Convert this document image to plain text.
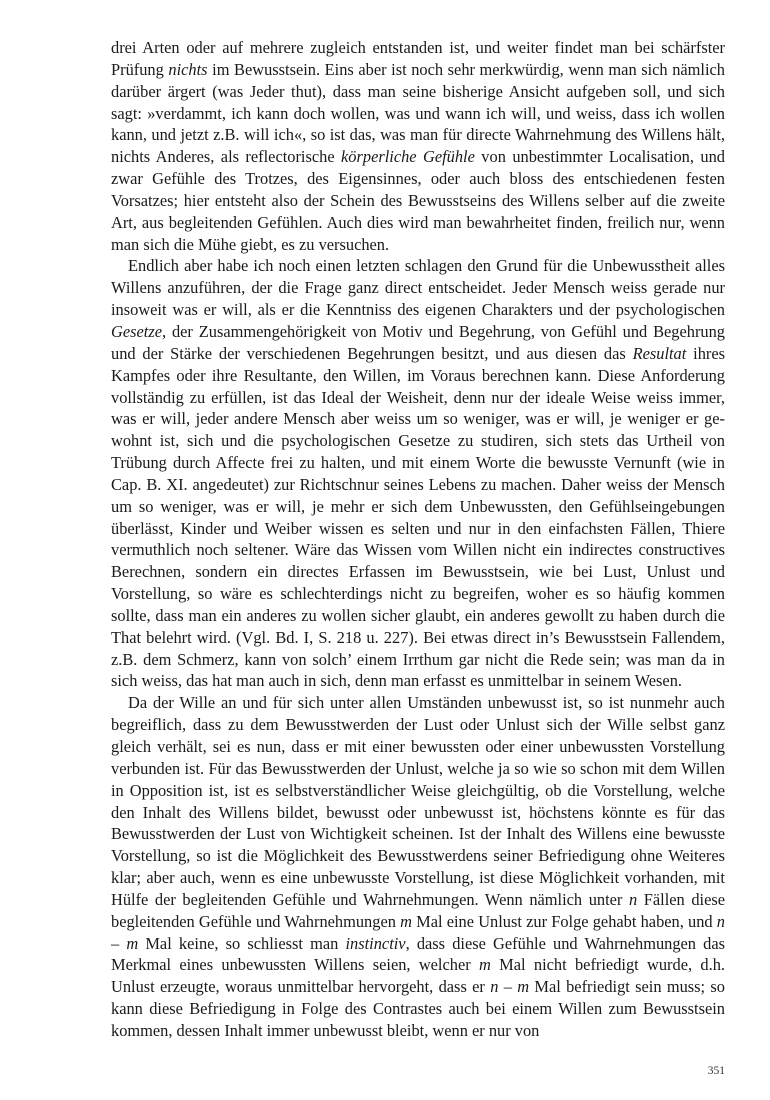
drei Arten oder auf mehrere zugleich entstanden ist, und weiter findet man bei schärfster Prüfung nichts im Bewusstsein. Eins aber ist noch sehr merkwürdig, wenn man sich nämlich darüber ärgert (was Jeder thut), dass man seine bisherige Ansicht aufgeben soll, und sich sagt: »verdammt, ich kann doch wollen, was und wann ich will, und weiss, dass ich wollen kann, und jetzt z.B. will ich«, so ist das, was man für directe Wahrnehmung des Willens hält, nichts Anderes, als reflectorische körperliche Gefühle von unbestimmter Localisation, und zwar Gefühle des Trotzes, des Eigensinnes, oder auch bloss des entschiedenen festen Vorsatzes; hier entsteht also der Schein des Bewusstseins des Willens selber auf die zweite Art, aus begleitenden Gefühlen. Auch dies wird man bewahrheitet finden, freilich nur, wenn man sich die Mühe giebt, es zu versuchen.

Endlich aber habe ich noch einen letzten schlagen den Grund für die Unbewusstheit alles Willens anzuführen, der die Frage ganz direct entscheidet. Jeder Mensch weiss gerade nur insoweit was er will, als er die Kenntniss des eigenen Charakters und der psychologischen Gesetze, der Zusammengehörigkeit von Motiv und Begehrung, von Gefühl und Begehrung und der Stärke der verschiedenen Begehrungen besitzt, und aus diesen das Resultat ihres Kampfes oder ihre Resultante, den Willen, im Voraus berechnen kann. Diese Anforderung vollständig zu erfüllen, ist das Ideal der Weisheit, denn nur der ideale Weise weiss immer, was er will, jeder andere Mensch aber weiss um so weniger, was er will, je weniger er gewohnt ist, sich und die psychologischen Gesetze zu studiren, sich stets das Urtheil von Trübung durch Affecte frei zu halten, und mit einem Worte die bewusste Vernunft (wie in Cap. B. XI. angedeutet) zur Richtschnur seines Lebens zu machen. Daher weiss der Mensch um so weniger, was er will, je mehr er sich dem Unbewussten, den Gefühlseingebungen überlässt, Kinder und Weiber wissen es selten und nur in den einfachsten Fällen, Thiere vermuthlich noch seltener. Wäre das Wissen vom Willen nicht ein indirectes constructives Berechnen, sondern ein directes Erfassen im Bewusstsein, wie bei Lust, Unlust und Vorstellung, so wäre es schlechterdings nicht zu begreifen, woher es so häufig kommen sollte, dass man ein anderes zu wollen sicher glaubt, ein anderes gewollt zu haben durch die That belehrt wird. (Vgl. Bd. I, S. 218 u. 227). Bei etwas direct in’s Bewusstsein Fallendem, z.B. dem Schmerz, kann von solch’ einem Irrthum gar nicht die Rede sein; was man da in sich weiss, das hat man auch in sich, denn man erfasst es unmittelbar in seinem Wesen.

Da der Wille an und für sich unter allen Umständen unbewusst ist, so ist nunmehr auch begreiflich, dass zu dem Bewusstwerden der Lust oder Unlust sich der Wille selbst ganz gleich verhält, sei es nun, dass er mit einer bewussten oder einer unbewussten Vorstellung verbunden ist. Für das Bewusstwerden der Unlust, welche ja so wie so schon mit dem Willen in Opposition ist, ist es selbstverständlicher Weise gleichgültig, ob die Vorstellung, welche den Inhalt des Willens bildet, bewusst oder unbewusst ist, höchstens könnte es für das Bewusstwerden der Lust von Wichtigkeit scheinen. Ist der Inhalt des Willens eine bewusste Vorstellung, so ist die Möglichkeit des Bewusstwerdens seiner Befriedigung ohne Weiteres klar; aber auch, wenn es eine unbewusste Vorstellung, ist diese Möglichkeit vorhanden, mit Hülfe der begleitenden Gefühle und Wahrnehmungen. Wenn nämlich unter n Fällen diese begleitenden Gefühle und Wahrnehmungen m Mal eine Unlust zur Folge gehabt haben, und n – m Mal keine, so schliesst man instinctiv, dass diese Gefühle und Wahrnehmungen das Merkmal eines unbewussten Willens seien, welcher m Mal nicht befriedigt wurde, d.h. Unlust erzeugte, woraus unmittelbar hervorgeht, dass er n – m Mal befriedigt sein muss; so kann diese Befriedigung in Folge des Contrastes auch bei einem Willen zum Bewusstsein kommen, dessen Inhalt immer unbewusst bleibt, wenn er nur von

351
